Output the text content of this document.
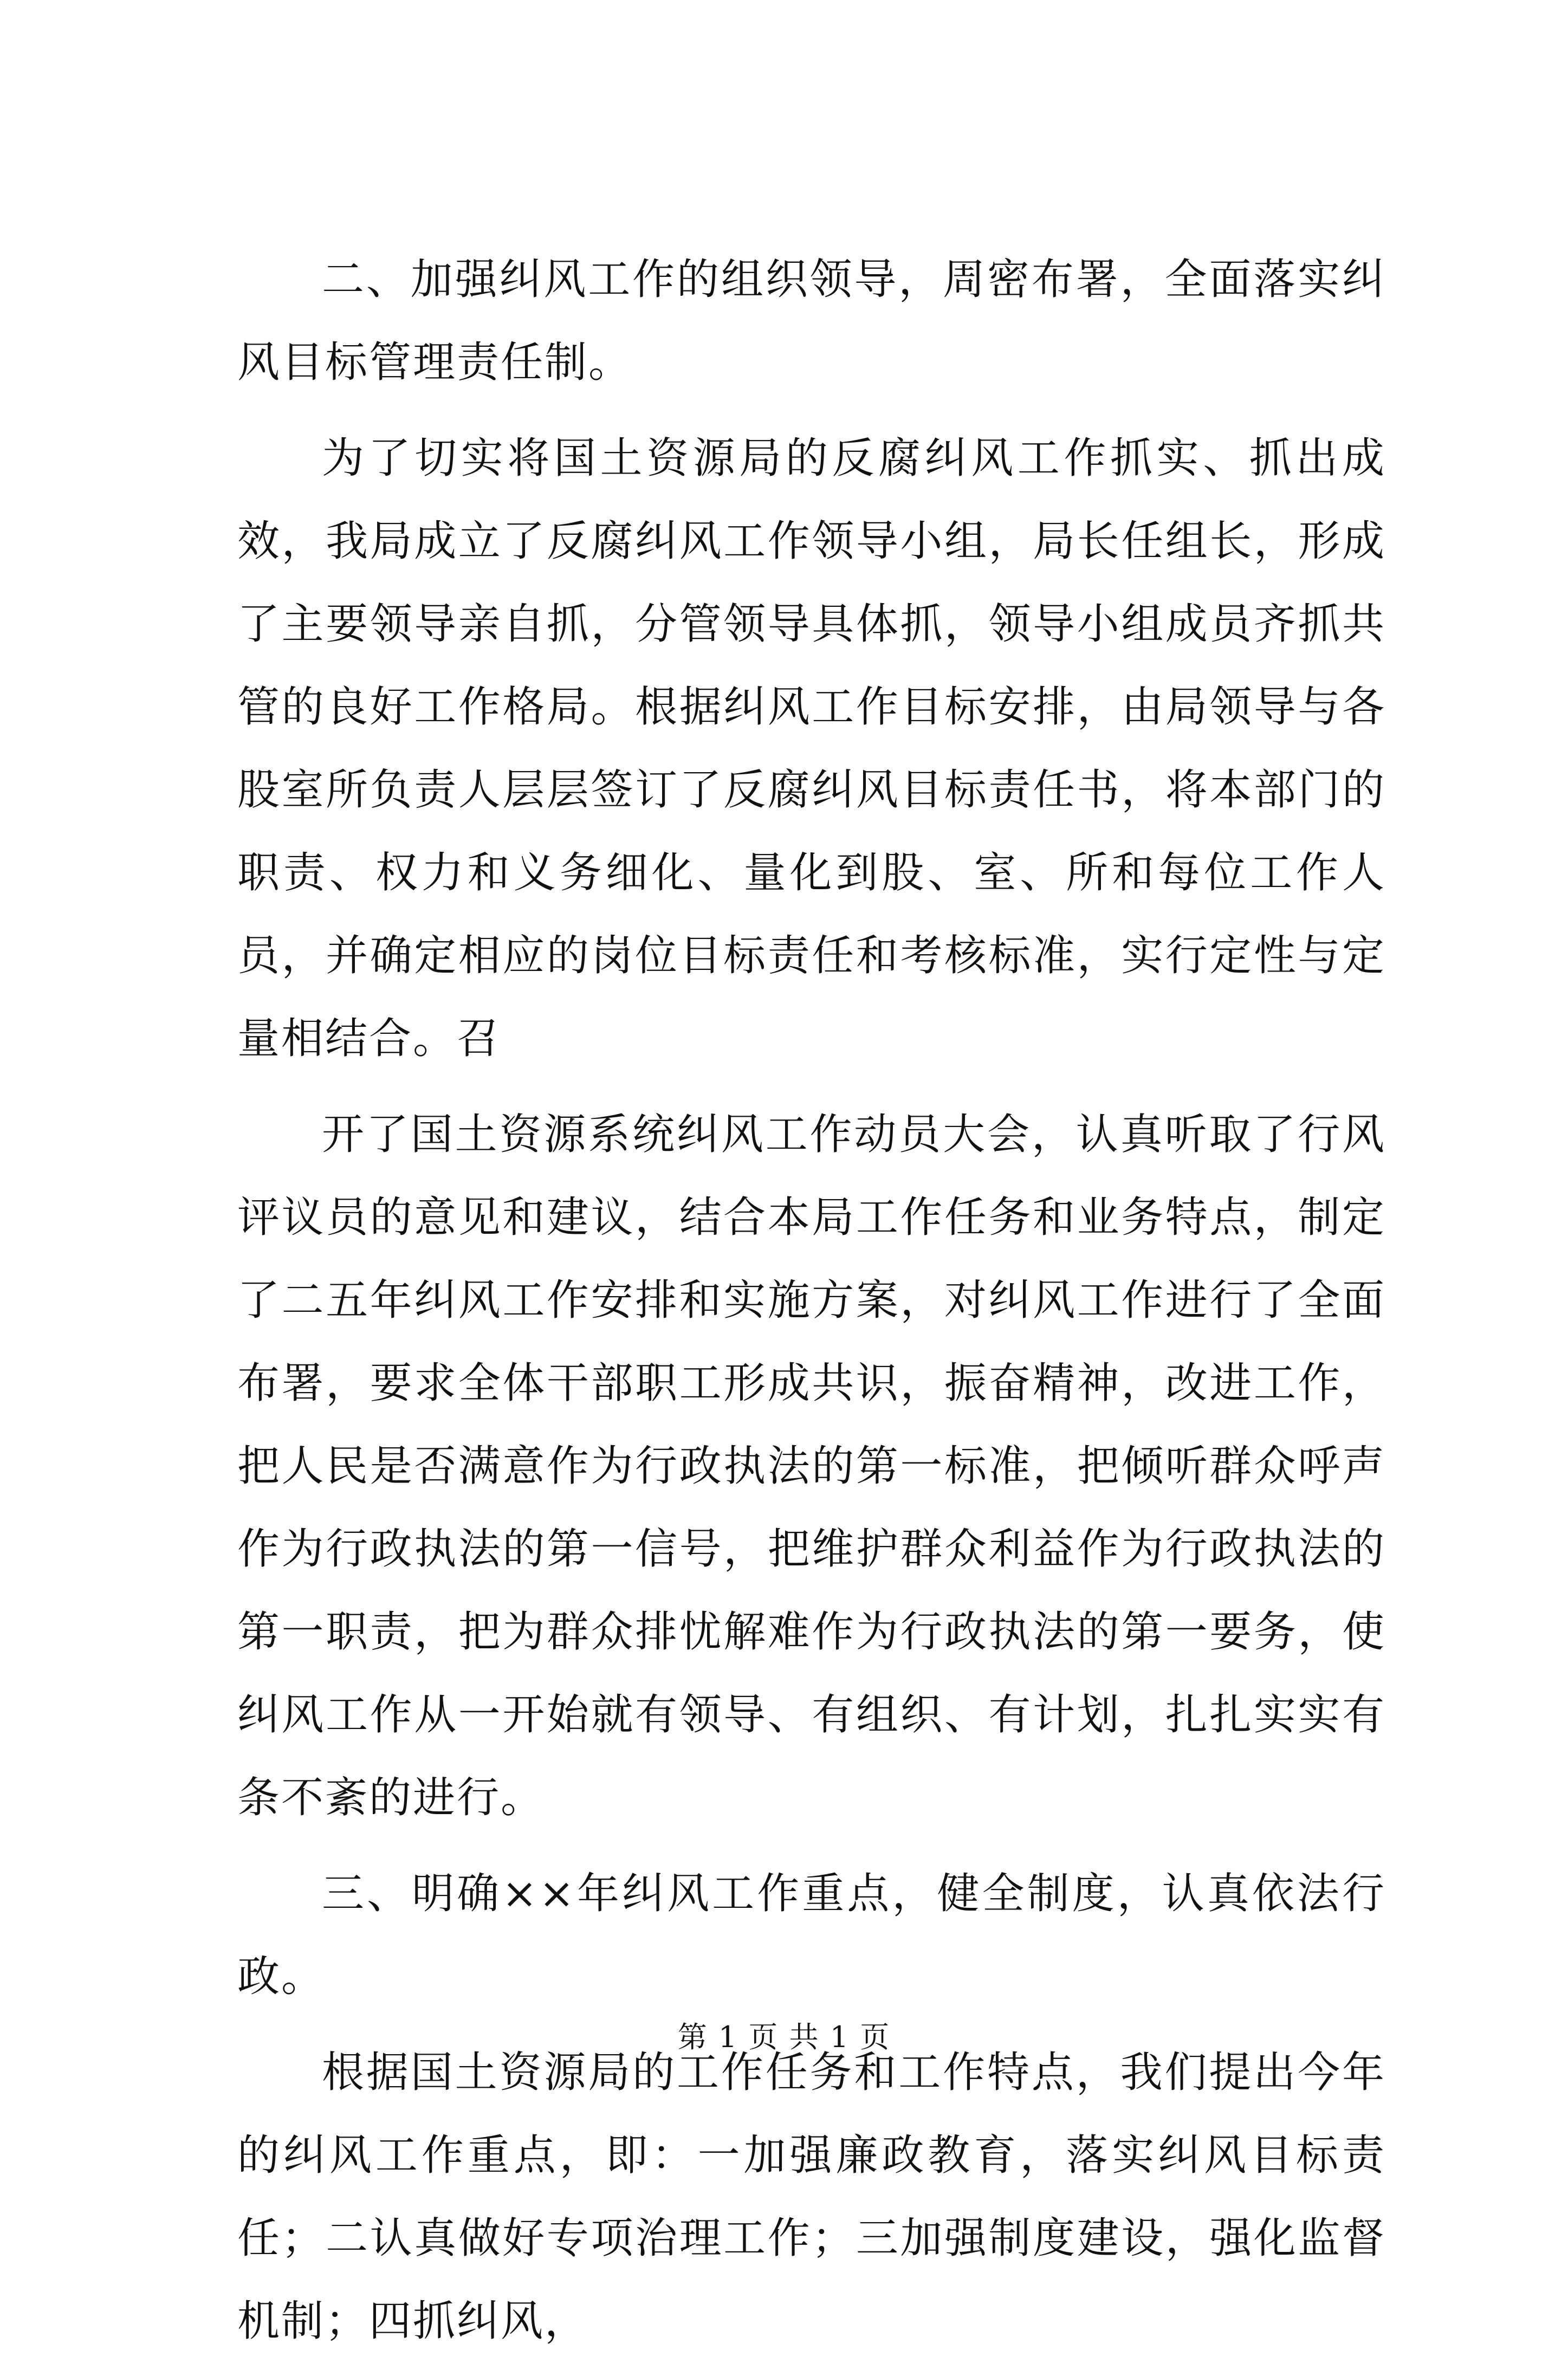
二、加强纠风工作的组织领导，周密布署，全面落实纠风目标管理责任制。

为了切实将国土资源局的反腐纠风工作抓实、抓出成效，我局成立了反腐纠风工作领导小组，局长任组长，形成了主要领导亲自抓，分管领导具体抓，领导小组成员齐抓共管的良好工作格局。根据纠风工作目标安排，由局领导与各股室所负责人层层签订了反腐纠风目标责任书，将本部门的职责、权力和义务细化、量化到股、室、所和每位工作人员，并确定相应的岗位目标责任和考核标准，实行定性与定量相结合。召

开了国土资源系统纠风工作动员大会，认真听取了行风评议员的意见和建议，结合本局工作任务和业务特点，制定了二五年纠风工作安排和实施方案，对纠风工作进行了全面布署，要求全体干部职工形成共识，振奋精神，改进工作，把人民是否满意作为行政执法的第一标准，把倾听群众呼声作为行政执法的第一信号，把维护群众利益作为行政执法的第一职责，把为群众排忧解难作为行政执法的第一要务，使纠风工作从一开始就有领导、有组织、有计划，扎扎实实有条不紊的进行。

三、明确××年纠风工作重点，健全制度，认真依法行政。

根据国土资源局的工作任务和工作特点，我们提出今年的纠风工作重点，即：一加强廉政教育，落实纠风目标责任；二认真做好专项治理工作；三加强制度建设，强化监督机制；四抓纠风，

第 1 页 共 1 页
